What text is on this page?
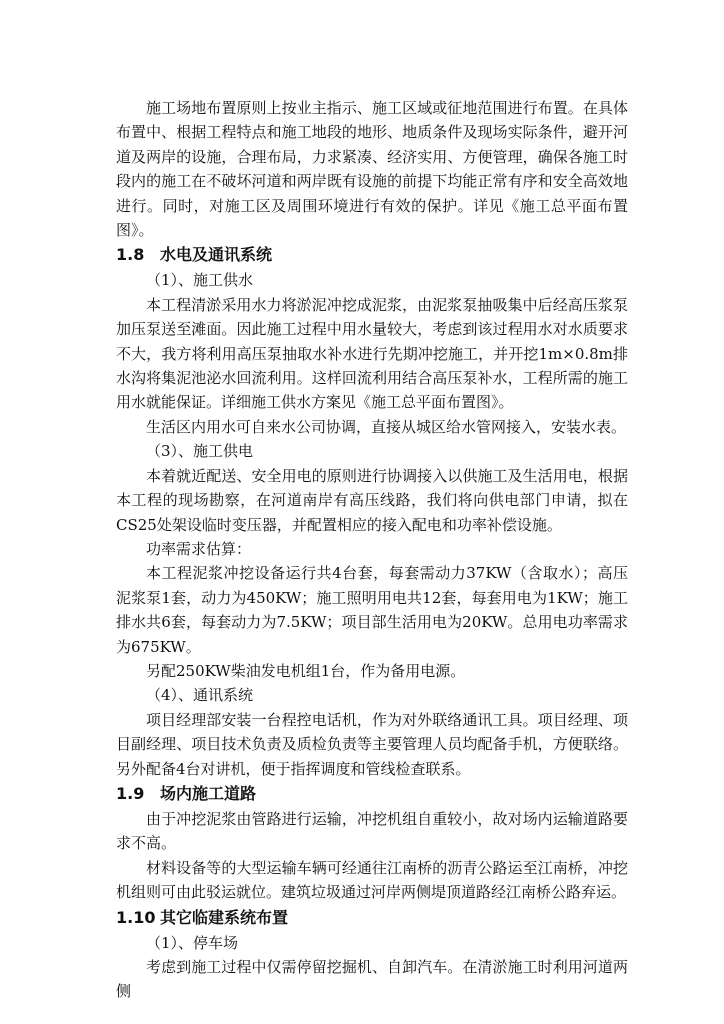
施工场地布置原则上按业主指示、施工区域或征地范围进行布置。在具体布置中、根据工程特点和施工地段的地形、地质条件及现场实际条件，避开河道及两岸的设施，合理布局，力求紧凑、经济实用、方便管理，确保各施工时段内的施工在不破坏河道和两岸既有设施的前提下均能正常有序和安全高效地进行。同时，对施工区及周围环境进行有效的保护。详见《施工总平面布置图》。

1.8 水电及通讯系统

（1）、施工供水

本工程清淤采用水力将淤泥冲挖成泥浆，由泥浆泵抽吸集中后经高压浆泵加压泵送至滩面。因此施工过程中用水量较大，考虑到该过程用水对水质要求不大，我方将利用高压泵抽取水补水进行先期冲挖施工，并开挖1m×0.8m排水沟将集泥池泌水回流利用。这样回流利用结合高压泵补水，工程所需的施工用水就能保证。详细施工供水方案见《施工总平面布置图》。

生活区内用水可自来水公司协调，直接从城区给水管网接入，安装水表。

（3）、施工供电

本着就近配送、安全用电的原则进行协调接入以供施工及生活用电，根据本工程的现场勘察，在河道南岸有高压线路，我们将向供电部门申请，拟在CS25处架设临时变压器，并配置相应的接入配电和功率补偿设施。

功率需求估算：

本工程泥浆冲挖设备运行共4台套，每套需动力37KW（含取水）；高压泥浆泵1套，动力为450KW；施工照明用电共12套，每套用电为1KW；施工排水共6套，每套动力为7.5KW；项目部生活用电为20KW。总用电功率需求为675KW。

另配250KW柴油发电机组1台，作为备用电源。

（4）、通讯系统

项目经理部安装一台程控电话机，作为对外联络通讯工具。项目经理、项目副经理、项目技术负责及质检负责等主要管理人员均配备手机，方便联络。另外配备4台对讲机，便于指挥调度和管线检查联系。

1.9 场内施工道路

由于冲挖泥浆由管路进行运输，冲挖机组自重较小，故对场内运输道路要求不高。

材料设备等的大型运输车辆可经通往江南桥的沥青公路运至江南桥，冲挖机组则可由此驳运就位。建筑垃圾通过河岸两侧堤顶道路经江南桥公路弃运。

1.10 其它临建系统布置

（1）、停车场

考虑到施工过程中仅需停留挖掘机、自卸汽车。在清淤施工时利用河道两侧
